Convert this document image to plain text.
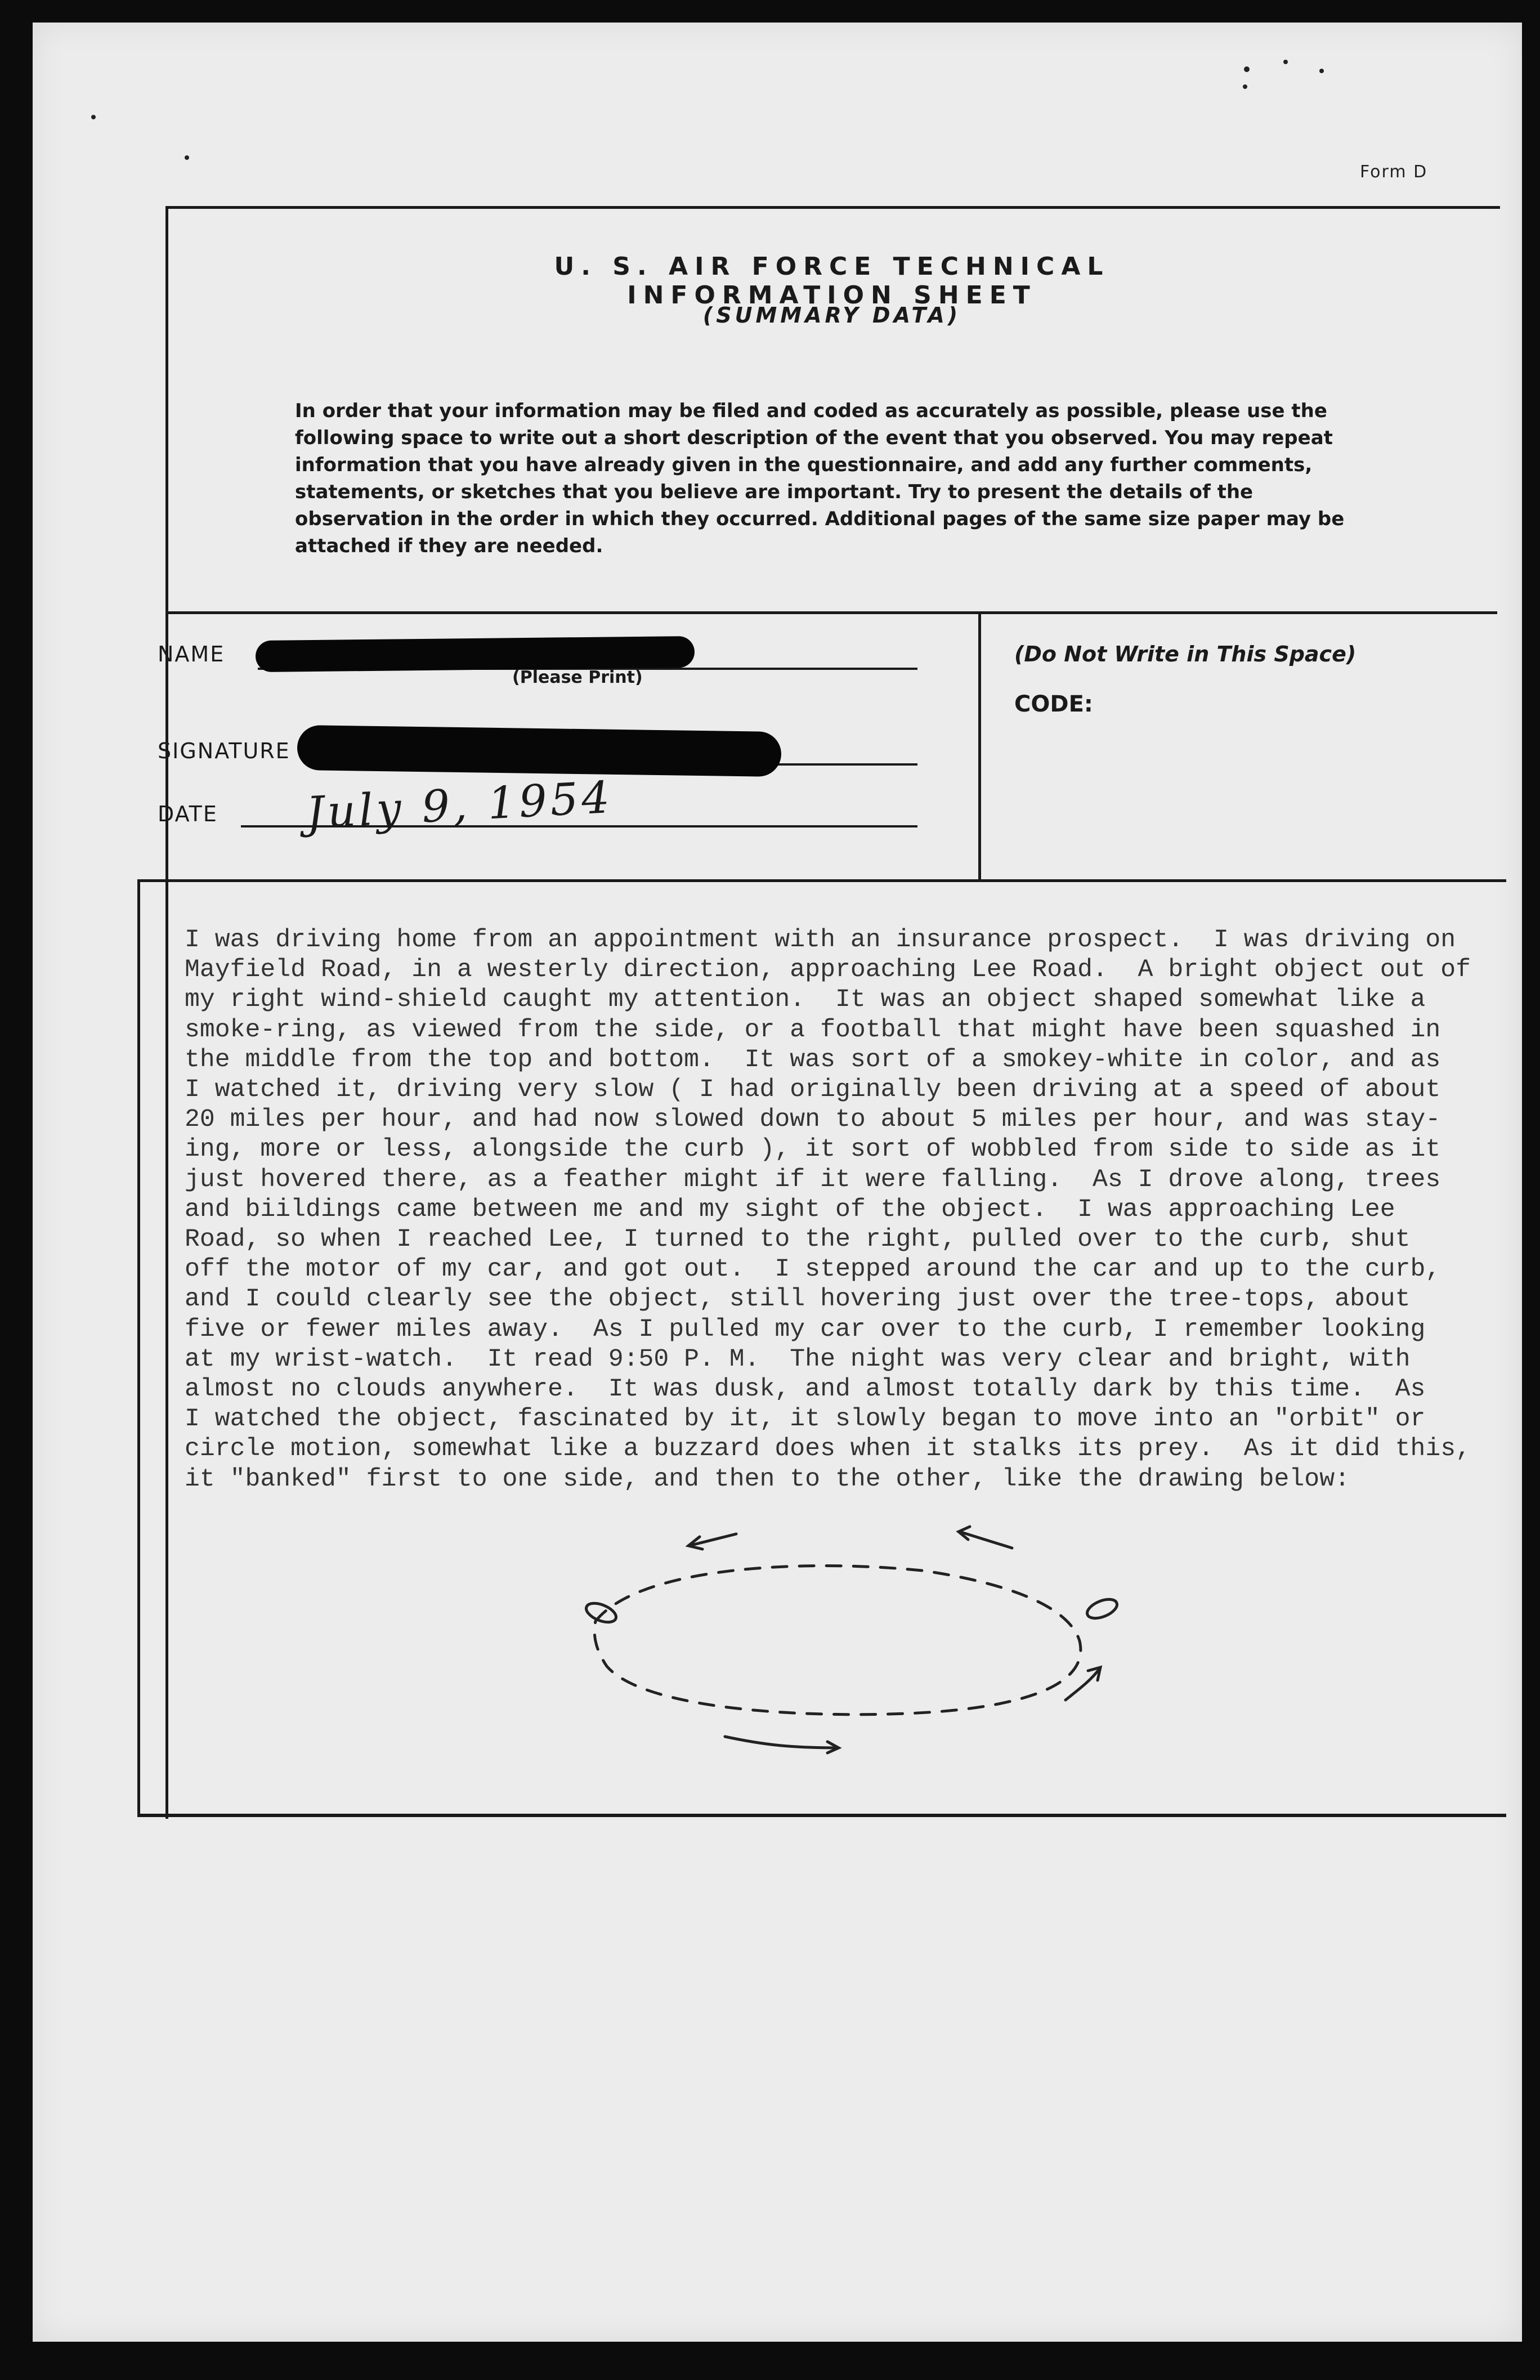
Form D
U. S. AIR FORCE TECHNICAL INFORMATION SHEET
(SUMMARY DATA)
In order that your information may be filed and coded as accurately as possible, please use the following space to write out a short description of the event that you observed. You may repeat information that you have already given in the questionnaire, and add any further comments, statements, or sketches that you believe are important. Try to present the details of the observation in the order in which they occurred. Additional pages of the same size paper may be attached if they are needed.
NAME
(Please Print)
SIGNATURE
DATE July 9, 1954
(Do Not Write in This Space)
CODE:
I was driving home from an appointment with an insurance prospect.  I was driving on
Mayfield Road, in a westerly direction, approaching Lee Road.  A bright object out of
my right wind-shield caught my attention.  It was an object shaped somewhat like a
smoke-ring, as viewed from the side, or a football that might have been squashed in
the middle from the top and bottom.  It was sort of a smokey-white in color, and as
I watched it, driving very slow ( I had originally been driving at a speed of about
20 miles per hour, and had now slowed down to about 5 miles per hour, and was stay-
ing, more or less, alongside the curb ), it sort of wobbled from side to side as it
just hovered there, as a feather might if it were falling.  As I drove along, trees
and biildings came between me and my sight of the object.  I was approaching Lee
Road, so when I reached Lee, I turned to the right, pulled over to the curb, shut
off the motor of my car, and got out.  I stepped around the car and up to the curb,
and I could clearly see the object, still hovering just over the tree-tops, about
five or fewer miles away.  As I pulled my car over to the curb, I remember looking
at my wrist-watch.  It read 9:50 P. M.  The night was very clear and bright, with
almost no clouds anywhere.  It was dusk, and almost totally dark by this time.  As
I watched the object, fascinated by it, it slowly began to move into an "orbit" or
circle motion, somewhat like a buzzard does when it stalks its prey.  As it did this,
it "banked" first to one side, and then to the other, like the drawing below:
